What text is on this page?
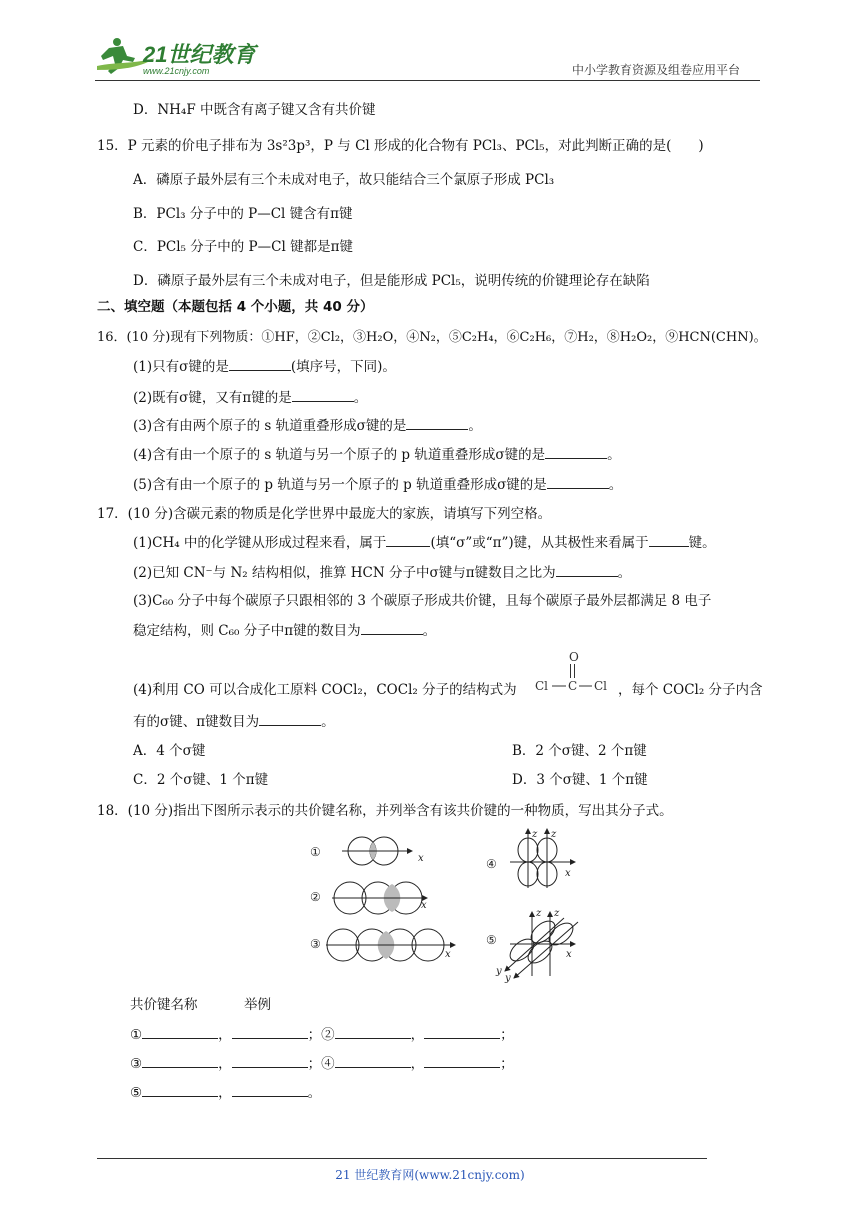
21世纪教育
www.21cnjy.com	中小学教育资源及组卷应用平台
D．NH₄F 中既含有离子键又含有共价键
15．P 元素的价电子排布为 3s²3p³，P 与 Cl 形成的化合物有 PCl₃、PCl₅，对此判断正确的是(　　)
A．磷原子最外层有三个未成对电子，故只能结合三个氯原子形成 PCl₃
B．PCl₃ 分子中的 P—Cl 键含有π键
C．PCl₅ 分子中的 P—Cl 键都是π键
D．磷原子最外层有三个未成对电子，但是能形成 PCl₅，说明传统的价键理论存在缺陷
二、填空题（本题包括 4 个小题，共 40 分）
16．(10 分)现有下列物质：①HF，②Cl₂，③H₂O，④N₂，⑤C₂H₄，⑥C₂H₆，⑦H₂，⑧H₂O₂，⑨HCN(CHN)。
(1)只有σ键的是	(填序号，下同)。
(2)既有σ键，又有π键的是	。
(3)含有由两个原子的 s 轨道重叠形成σ键的是	。
(4)含有由一个原子的 s 轨道与另一个原子的 p 轨道重叠形成σ键的是	。
(5)含有由一个原子的 p 轨道与另一个原子的 p 轨道重叠形成σ键的是	。
17．(10 分)含碳元素的物质是化学世界中最庞大的家族，请填写下列空格。
(1)CH₄ 中的化学键从形成过程来看，属于	(填“σ”或“π”)键，从其极性来看属于	键。
(2)已知 CN⁻与 N₂ 结构相似，推算 HCN 分子中σ键与π键数目之比为	。
(3)C₆₀ 分子中每个碳原子只跟相邻的 3 个碳原子形成共价键，且每个碳原子最外层都满足 8 电子
稳定结构，则 C₆₀ 分子中π键的数目为	。
(4)利用 CO 可以合成化工原料 COCl₂，COCl₂ 分子的结构式为
O
Cl C Cl ，每个 COCl₂ 分子内含
有的σ键、π键数目为	。
A．4 个σ键	B．2 个σ键、2 个π键
C．2 个σ键、1 个π键	D．3 个σ键、1 个π键
18．(10 分)指出下图所示表示的共价键名称，并列举含有该共价键的一种物质，写出其分子式。
①	x
②
x
③
x
④
z z
x
⑤
z z
x
y
y
共价键名称	举例
①	，	；②	，	；
③	，	；④	，	；
⑤	，	。
21 世纪教育网(www.21cnjy.com)
